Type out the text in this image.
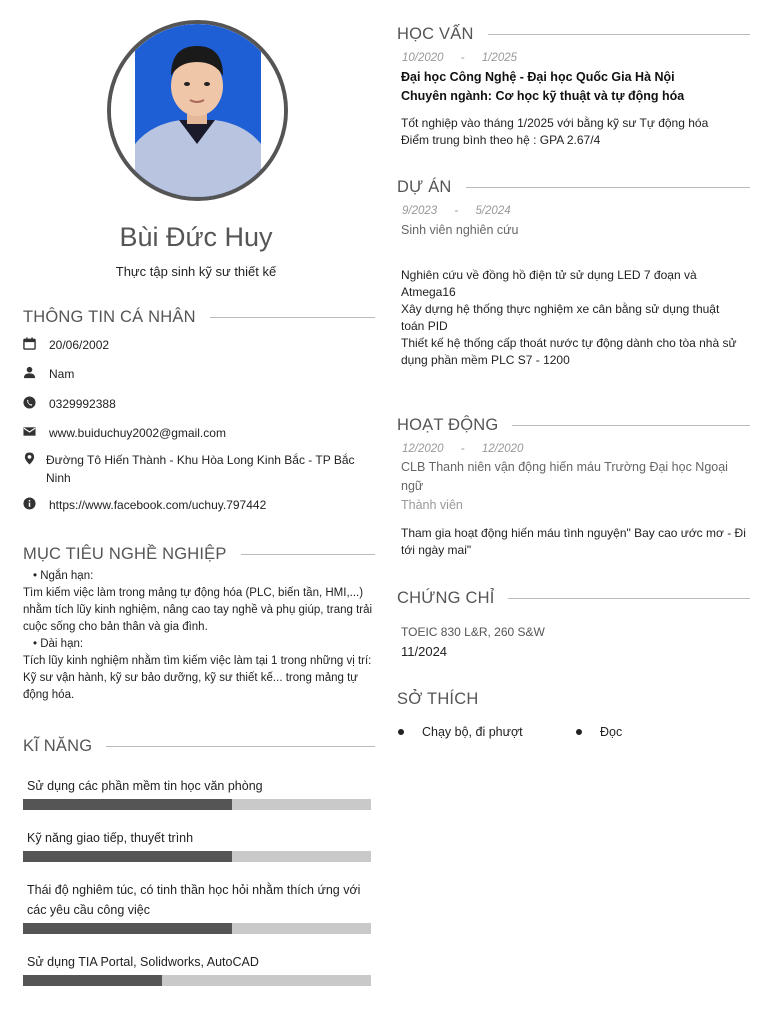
Bùi Đức Huy
Thực tập sinh kỹ sư thiết kế
THÔNG TIN CÁ NHÂN
20/06/2002
Nam
0329992388
www.buiduchuy2002@gmail.com
Đường Tô Hiến Thành - Khu Hòa Long Kinh Bắc - TP Bắc Ninh
https://www.facebook.com/uchuy.797442
MỤC TIÊU NGHỀ NGHIỆP
• Ngắn hạn:
Tìm kiếm việc làm trong mảng tự động hóa (PLC, biến tần, HMI,...) nhằm tích lũy kinh nghiệm, nâng cao tay nghề và phụ giúp, trang trải cuộc sống cho bản thân và gia đình.
• Dài hạn:
Tích lũy kinh nghiệm nhằm tìm kiếm việc làm tại 1 trong những vị trí: Kỹ sư vận hành, kỹ sư bảo dưỡng, kỹ sư thiết kế... trong mảng tự động hóa.
KĨ NĂNG
Sử dụng các phần mềm tin học văn phòng
Kỹ năng giao tiếp, thuyết trình
Thái độ nghiêm túc, có tinh thần học hỏi nhằm thích ứng với các yêu cầu công việc
Sử dụng TIA Portal, Solidworks, AutoCAD
HỌC VẤN
10/2020 - 1/2025
Đại học Công Nghệ - Đại học Quốc Gia Hà Nội
Chuyên ngành: Cơ học kỹ thuật và tự động hóa
Tốt nghiệp vào tháng 1/2025 với bằng kỹ sư Tự động hóa
Điểm trung bình theo hệ : GPA 2.67/4
DỰ ÁN
9/2023 - 5/2024
Sinh viên nghiên cứu
Nghiên cứu về đồng hồ điện tử sử dụng LED 7 đoạn và Atmega16
Xây dựng hệ thống thực nghiệm xe cân bằng sử dụng thuật toán PID
Thiết kế hệ thống cấp thoát nước tự động dành cho tòa nhà sử dụng phần mềm PLC S7 - 1200
HOẠT ĐỘNG
12/2020 - 12/2020
CLB Thanh niên vận động hiến máu Trường Đại học Ngoại ngữ
Thành viên
Tham gia hoạt động hiến máu tình nguyện" Bay cao ước mơ - Đi tới ngày mai"
CHỨNG CHỈ
TOEIC 830 L&R, 260 S&W
11/2024
SỞ THÍCH
Chạy bộ, đi phượt	Đọc
